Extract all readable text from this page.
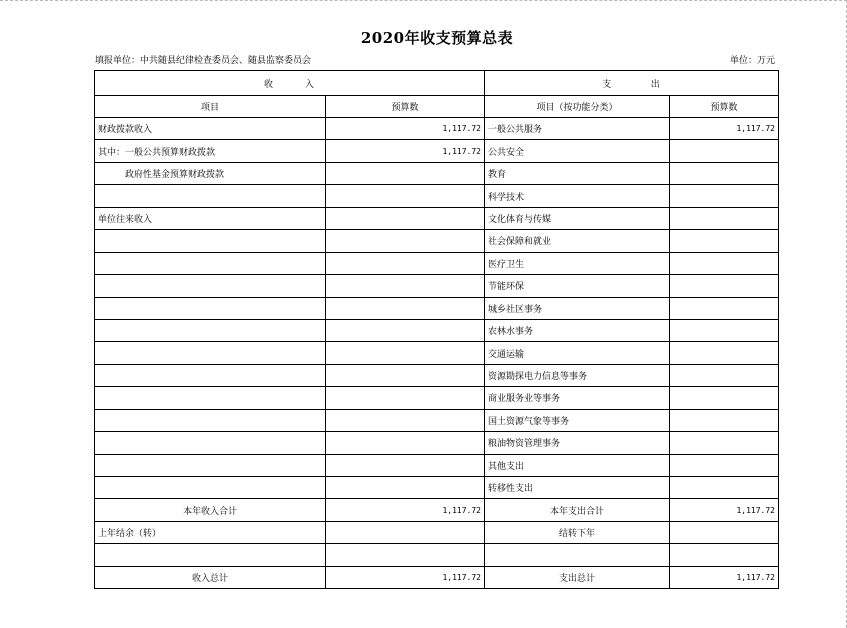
2020年收支预算总表
填报单位：中共随县纪律检查委员会、随县监察委员会	单位：万元
收        入		支          出	
项目	预算数	项目（按功能分类）	预算数
财政拨款收入	1,117.72	一般公共服务	1,117.72
其中：一般公共预算财政拨款	1,117.72	公共安全	
政府性基金预算财政拨款		教育	
		科学技术	
单位往来收入		文化体育与传媒	
		社会保障和就业	
		医疗卫生	
		节能环保	
		城乡社区事务	
		农林水事务	
		交通运输	
		资源勘探电力信息等事务	
		商业服务业等事务	
		国土资源气象等事务	
		粮油物资管理事务	
		其他支出	
		转移性支出	
本年收入合计	1,117.72	本年支出合计	1,117.72
上年结余（转）		结转下年	

收入总计	1,117.72	支出总计	1,117.72
